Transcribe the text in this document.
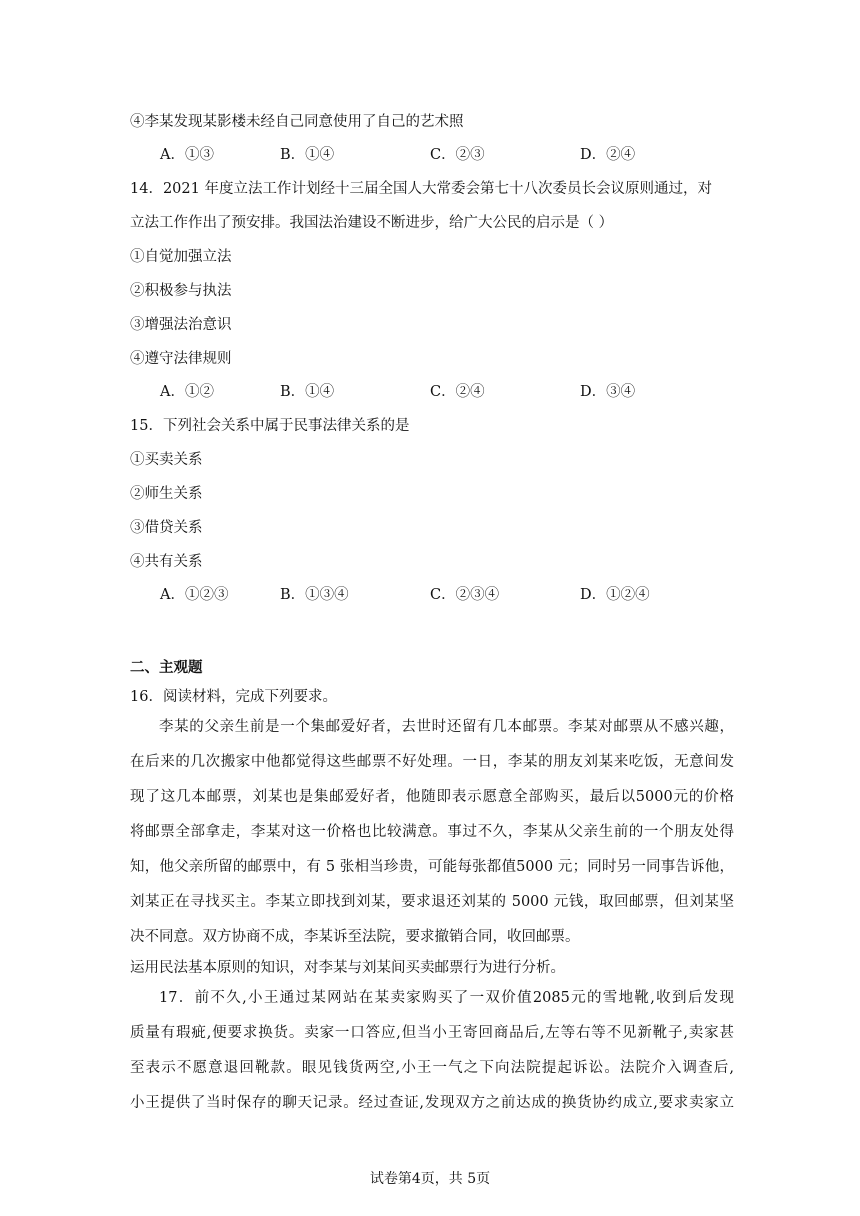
④李某发现某影楼未经自己同意使用了自己的艺术照
A．①③	B．①④	C．②③	D．②④
14．2021 年度立法工作计划经十三届全国人大常委会第七十八次委员长会议原则通过，对
立法工作作出了预安排。我国法治建设不断进步，给广大公民的启示是（ ）
①自觉加强立法
②积极参与执法
③增强法治意识
④遵守法律规则
A．①②	B．①④	C．②④	D．③④
15．下列社会关系中属于民事法律关系的是
①买卖关系
②师生关系
③借贷关系
④共有关系
A．①②③	B．①③④	C．②③④	D．①②④
二、主观题
16．阅读材料，完成下列要求。

李某的父亲生前是一个集邮爱好者，去世时还留有几本邮票。李某对邮票从不感兴趣，

在后来的几次搬家中他都觉得这些邮票不好处理。一日，李某的朋友刘某来吃饭，无意间发

现了这几本邮票，刘某也是集邮爱好者，他随即表示愿意全部购买，最后以5000元的价格

将邮票全部拿走，李某对这一价格也比较满意。事过不久，李某从父亲生前的一个朋友处得

知，他父亲所留的邮票中，有 5 张相当珍贵，可能每张都值5000 元；同时另一同事告诉他，

刘某正在寻找买主。李某立即找到刘某，要求退还刘某的 5000 元钱，取回邮票，但刘某坚

决不同意。双方协商不成，李某诉至法院，要求撤销合同，收回邮票。

运用民法基本原则的知识，对李某与刘某间买卖邮票行为进行分析。

17．前不久,小王通过某网站在某卖家购买了一双价值2085元的雪地靴,收到后发现

质量有瑕疵,便要求换货。卖家一口答应,但当小王寄回商品后,左等右等不见新靴子,卖家甚

至表示不愿意退回靴款。眼见钱货两空,小王一气之下向法院提起诉讼。法院介入调查后,

小王提供了当时保存的聊天记录。经过查证,发现双方之前达成的换货协约成立,要求卖家立

试卷第4页，共 5页
